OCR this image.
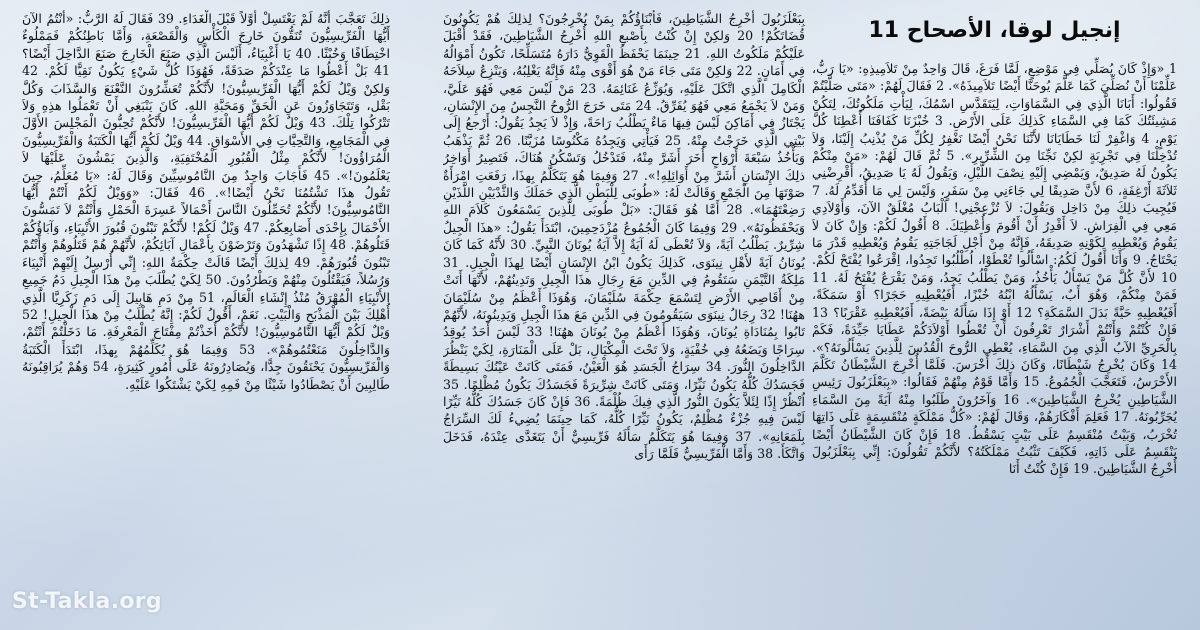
إنجيل لوقا، الأصحاح 11
1 «وَإِذْ كَانَ يُصَلِّي فِي مَوْضِعٍ، لَمَّا فَرَغَ، قَالَ وَاحِدٌ مِنْ تَلاَمِيذِهِ: «يَا رَبُّ، عَلِّمْنَا أَنْ نُصَلِّيَ كَمَا عَلَّمَ يُوحَنَّا أَيْضًا تَلاَمِيذَهُ». 2 فَقَالَ لَهُمْ: «مَتَى صَلَّيْتُمْ فَقُولُوا: أَبَانَا الَّذِي فِي السَّمَاوَاتِ، لِيَتَقَدَّسِ اسْمُكَ، لِيَأْتِ مَلَكُوتُكَ، لِتَكُنْ مَشِيئَتُكَ كَمَا فِي السَّمَاءِ كَذلِكَ عَلَى الأَرْضِ. 3 خُبْزَنَا كَفَافَنَا أَعْطِنَا كُلَّ يَوْمٍ، 4 وَاغْفِرْ لَنَا خَطَايَانَا لأَنَّنَا نَحْنُ أَيْضًا نَغْفِرُ لِكُلِّ مَنْ يُذْنِبُ إِلَيْنَا، وَلاَ تُدْخِلْنَا فِي تَجْرِبَةٍ لكِنْ نَجِّنَا مِنَ الشِّرِّيرِ». 5 ثُمَّ قَالَ لَهُمْ: «مَنْ مِنْكُمْ يَكُونُ لَهُ صَدِيقٌ، وَيَمْضِي إِلَيْهِ نِصْفَ اللَّيْلِ، وَيَقُولُ لَهُ يَا صَدِيقُ، أَقْرِضْنِي ثَلاَثَةَ أَرْغِفَةٍ، 6 لأَنَّ صَدِيقًا لِي جَاءَنِي مِنْ سَفَرٍ، وَلَيْسَ لِي مَا أُقَدِّمُ لَهُ. 7 فَيُجِيبَ ذلِكَ مِنْ دَاخِل وَيَقُولَ: لاَ تُزْعِجْنِي! اَلْبَابُ مُغْلَقٌ الآنَ، وَأَوْلاَدِي مَعِي فِي الْفِرَاشِ. لاَ أَقْدِرُ أَنْ أَقُومَ وَأُعْطِيَكَ. 8 أَقُولُ لَكُمْ: وَإِنْ كَانَ لاَ يَقُومُ وَيُعْطِيهِ لِكَوْنِهِ صَدِيقَهُ، فَإِنَّهُ مِنْ أَجْلِ لَجَاجَتِهِ يَقُومُ وَيُعْطِيهِ قَدْرَ مَا يَحْتَاجُ. 9 وَأَنَا أَقُولُ لَكُمُ: اسْأَلُوا تُعْطَوْا، اُطْلُبُوا تَجِدُوا، اِقْرَعُوا يُفْتَحْ لَكُمْ. 10 لأَنَّ كُلَّ مَنْ يَسْأَلُ يَأْخُذُ، وَمَنْ يَطْلُبُ يَجِدُ، وَمَنْ يَقْرَعُ يُفْتَحُ لَهُ. 11 فَمَنْ مِنْكُمْ، وَهُوَ أَبٌ، يَسْأَلُهُ ابْنُهُ خُبْزًا، أَفَيُعْطِيهِ حَجَرًا؟ أَوْ سَمَكَةً، أَفَيُعْطِيهِ حَيَّةً بَدَلَ السَّمَكَةِ؟ 12 أَوْ إِذَا سَأَلَهُ بَيْضَةً، أَفَيُعْطِيهِ عَقْرَبًا؟ 13 فَإِنْ كُنْتُمْ وَأَنْتُمْ أَشْرَارٌ تَعْرِفُونَ أَنْ تُعْطُوا أَوْلاَدَكُمْ عَطَايَا جَيِّدَةً، فَكَمْ بِالْحَرِيِّ الآبُ الَّذِي مِنَ السَّمَاءِ، يُعْطِي الرُّوحَ الْقُدُسَ لِلَّذِينَ يَسْأَلُونَهُ؟». 14 وَكَانَ يُخْرِجُ شَيْطَانًا، وَكَانَ ذلِكَ أَخْرَسَ. فَلَمَّا أُخْرِجَ الشَّيْطَانُ تَكَلَّمَ الأَخْرَسُ، فَتَعَجَّبَ الْجُمُوعُ. 15 وَأَمَّا قَوْمٌ مِنْهُمْ فَقَالُوا: «بِبَعْلَزَبُولَ رَئِيسِ الشَّيَاطِينِ يُخْرِجُ الشَّيَاطِينَ». 16 وَآخَرُونَ طَلَبُوا مِنْهُ آيَةً مِنَ السَّمَاءِ يُجَرِّبُونَهُ. 17 فَعَلِمَ أَفْكَارَهُمْ، وَقَالَ لَهُمْ: «كُلُّ مَمْلَكَةٍ مُنْقَسِمَةٍ عَلَى ذَاتِهَا تُخْرَبُ، وَبَيْتٌ مُنْقَسِمٌ عَلَى بَيْتٍ يَسْقُطُ. 18 فَإِنْ كَانَ الشَّيْطَانُ أَيْضًا يَنْقَسِمُ عَلَى ذَاتِهِ، فَكَيْفَ تَثْبُتُ مَمْلَكَتُهُ؟ لأَنَّكُمْ تَقُولُونَ: إِنِّي بِبَعْلَزَبُولَ أُخْرِجُ الشَّيَاطِينَ. 19 فَإِنْ كُنْتُ أَنَا
بِبَعْلَزَبُولَ أُخْرِجُ الشَّيَاطِينَ، فَأَبْنَاؤُكُمْ بِمَنْ يُخْرِجُونَ؟ لِذلِكَ هُمْ يَكُونُونَ قُضَاتَكُمْ! 20 وَلكِنْ إِنْ كُنْتُ بِأَصْبعِ اللهِ أُخْرِجُ الشَّيَاطِينَ، فَقَدْ أَقْبَلَ عَلَيْكُمْ مَلَكُوتُ اللهِ. 21 حِينَمَا يَحْفَظُ الْقَوِيُّ دَارَهُ مُتَسَلِّحًا، تَكُونُ أَمْوَالُهُ فِي أَمَانٍ. 22 وَلكِنْ مَتَى جَاءَ مَنْ هُوَ أَقْوَى مِنْهُ فَإِنَّهُ يَغْلِبُهُ، وَيَنْزِعُ سِلاَحَهُ الْكَامِلَ الَّذِي اتَّكَلَ عَلَيْهِ، وَيُوَزِّعُ غَنَائِمَهُ. 23 مَنْ لَيْسَ مَعِي فَهُوَ عَلَيَّ، وَمَنْ لاَ يَجْمَعُ مَعِي فَهُوَ يُفَرِّقُ. 24 مَتَى خَرَجَ الرُّوحُ النَّجِسُ مِنَ الإِنْسَانِ، يَجْتَازُ فِي أَمَاكِنَ لَيْسَ فِيهَا مَاءٌ يَطْلُبُ رَاحَةً، وَإِذْ لاَ يَجِدُ يَقُولُ: أَرْجعُ إِلَى بَيْتِي الَّذِي خَرَجْتُ مِنْهُ. 25 فَيَأْتِي وَيَجِدُهُ مَكْنُوسًا مُزَيَّنًا. 26 ثُمَّ يَذْهَبُ وَيَأْخُذُ سَبْعَةَ أَرْوَاحٍ أُخَرَ أَشَرَّ مِنْهُ، فَتَدْخُلُ وَتَسْكُنُ هُنَاكَ، فَتَصِيرُ أَوَاخِرُ ذلِكَ الإِنْسَانِ أَشَرَّ مِنْ أَوَائِلِهِ!». 27 وَفِيمَا هُوَ يَتَكَلَّمُ بِهذَا، رَفَعَتِ امْرَأَةٌ صَوْتَهَا مِنَ الْجَمْعِ وَقَالَتْ لَهُ: «طُوبَى لِلْبَطْنِ الَّذِي حَمَلَكَ وَالثَّدْيَيْنِ اللَّذَيْنِ رَضِعْتَهُمَا». 28 أَمَّا هُوَ فَقَالَ: «بَلْ طُوبَى لِلَّذِينَ يَسْمَعُونَ كَلاَمَ اللهِ وَيَحْفَظُونَهُ». 29 وَفِيمَا كَانَ الْجُمُوعُ مُزْدَحِمِينَ، ابْتَدَأَ يَقُولُ: «هذَا الْجِيلُ شِرِّيرٌ. يَطْلُبُ آيَةً، وَلاَ تُعْطَى لَهُ آيَةٌ إِلاَّ آيَةُ يُونَانَ النَّبِيِّ. 30 لأَنَّهُ كَمَا كَانَ يُونَانُ آيَةً لأَهْلِ نِينَوَى، كَذلِكَ يَكُونُ ابْنُ الإِنْسَانِ أَيْضًا لِهذَا الْجِيلِ. 31 مَلِكَةُ التَّيْمَنِ سَتَقُومُ فِي الدِّينِ مَعَ رِجَالِ هذَا الْجِيلِ وَتَدِينُهُمْ، لأَنَّهَا أَتَتْ مِنْ أَقَاصِي الأَرْضِ لِتَسْمَعَ حِكْمَةَ سُلَيْمَانَ، وَهُوَذَا أَعْظَمُ مِنْ سُلَيْمَانَ ههُنَا! 32 رِجَالُ نِينَوَى سَيَقُومُونَ فِي الدِّينِ مَعَ هذَا الْجِيلِ وَيَدِينُونَهُ، لأَنَّهُمْ تَابُوا بِمُنَادَاةِ يُونَانَ، وَهُوَذَا أَعْظَمُ مِنْ يُونَانَ ههُنَا! 33 لَيْسَ أَحَدٌ يُوقِدُ سِرَاجًا وَيَضَعُهُ فِي خُفْيَةٍ، وَلاَ تَحْتَ الْمِكْيَالِ، بَلْ عَلَى الْمَنَارَةِ، لِكَيْ يَنْظُرَ الدَّاخِلُونَ النُّورَ. 34 سِرَاجُ الْجَسَدِ هُوَ الْعَيْنُ، فَمَتَى كَانَتْ عَيْنُكَ بَسِيطَةً فَجَسَدُكَ كُلُّهُ يَكُونُ نَيِّرًا، وَمَتَى كَانَتْ شِرِّيرَةً فَجَسَدُكَ يَكُونُ مُظْلِمًا. 35 اُنْظُرْ إِذًا لِئَلاَّ يَكُونَ النُّورُ الَّذِي فِيكَ ظُلْمَةً. 36 فَإِنْ كَانَ جَسَدُكَ كُلُّهُ نَيِّرًا لَيْسَ فِيهِ جُزْءٌ مُظْلِمٌ، يَكُونُ نَيِّرًا كُلُّهُ، كَمَا حِينَمَا يُضِيءُ لَكَ السِّرَاجُ بِلَمَعَانِهِ». 37 وَفِيمَا هُوَ يَتَكَلَّمُ سَأَلَهُ فَرِّيسِيٌّ أَنْ يَتَغَدَّى عِنْدَهُ، فَدَخَلَ وَاتَّكَأَ. 38 وَأَمَّا الْفَرِّيسِيُّ فَلَمَّا رَأَى
ذلِكَ تَعَجَّبَ أَنَّهُ لَمْ يَغْتَسِلْ أَوَّلاً قَبْلَ الْغَدَاءِ. 39 فَقَالَ لَهُ الرَّبُّ: «أَنْتُمُ الآنَ أَيُّهَا الْفَرِّيسِيُّونَ تُنَقُّونَ خَارِجَ الْكَأْسِ وَالْقَصْعَةِ، وَأَمَّا بَاطِنُكُمْ فَمَمْلُوءٌ اخْتِطَافًا وَخُبْثًا. 40 يَا أَغْبِيَاءُ، أَلَيْسَ الَّذِي صَنَعَ الْخَارِجَ صَنَعَ الدَّاخِلَ أَيْضًا؟ 41 بَلْ أَعْطُوا مَا عِنْدَكُمْ صَدَقَةً، فَهُوَذَا كُلُّ شَيْءٍ يَكُونُ نَقِيًّا لَكُمْ. 42 وَلكِنْ وَيْلٌ لَكُمْ أَيُّهَا الْفَرِّيسِيُّونَ! لأَنَّكُمْ تُعَشِّرُونَ النَّعْنَعَ وَالسَّذَابَ وَكُلَّ بَقْل، وَتَتَجَاوَزُونَ عَنِ الْحَقِّ وَمَحَبَّةِ اللهِ. كَانَ يَنْبَغِي أَنْ تَعْمَلُوا هذِهِ وَلاَ تَتْرُكُوا تِلْكَ. 43 وَيْلٌ لَكُمْ أَيُّهَا الْفَرِّيسِيُّونَ! لأَنَّكُمْ تُحِبُّونَ الْمَجْلِسَ الأَوَّلَ فِي الْمَجَامِعِ، وَالتَّحِيَّاتِ فِي الأَسْوَاقِ. 44 وَيْلٌ لَكُمْ أَيُّهَا الْكَتَبَةُ وَالْفَرِّيسِيُّونَ الْمُرَاؤُونَ! لأَنَّكُمْ مِثْلُ الْقُبُورِ الْمُخْتَفِيَةِ، وَالَّذِينَ يَمْشُونَ عَلَيْهَا لاَ يَعْلَمُونَ!». 45 فَأَجَابَ وَاحِدٌ مِنَ النَّامُوسِيِّينَ وَقَالَ لَهُ: «يَا مُعَلِّمُ، حِينَ تَقُولُ هذَا تَشْتُمُنَا نَحْنُ أَيْضًا!». 46 فَقَالَ: «وَوَيْلٌ لَكُمْ أَنْتُمْ أَيُّهَا النَّامُوسِيُّونَ! لأَنَّكُمْ تُحَمِّلُونَ النَّاسَ أَحْمَالاً عَسِرَةَ الْحَمْلِ وَأَنْتُمْ لاَ تَمَسُّونَ الأَحْمَالَ بِإِحْدَى أَصَابِعِكُمْ. 47 وَيْلٌ لَكُمْ! لأَنَّكُمْ تَبْنُونَ قُبُورَ الأَنْبِيَاءِ، وَآبَاؤُكُمْ قَتَلُوهُمْ. 48 إِذًا تَشْهَدُونَ وَتَرْضَوْنَ بِأَعْمَالِ آبَائِكُمْ، لأَنَّهُمْ هُمْ قَتَلُوهُمْ وَأَنْتُمْ تَبْنُونَ قُبُورَهُمْ. 49 لِذلِكَ أَيْضًا قَالَتْ حِكْمَةُ اللهِ: إِنِّي أُرْسِلُ إِلَيْهِمْ أَنْبِيَاءَ وَرُسُلاً، فَيَقْتُلُونَ مِنْهُمْ وَيَطْرُدُونَ. 50 لِكَيْ يُطْلَبَ مِنْ هذَا الْجِيلِ دَمُ جَمِيعِ الأَنْبِيَاءِ الْمُهْرَقُ مُنْذُ إِنْشَاءِ الْعَالَمِ، 51 مِنْ دَمِ هَابِيلَ إِلَى دَمِ زَكَرِيَّا الَّذِي أُهْلِكَ بَيْنَ الْمَذْبَحِ وَالْبَيْتِ. نَعَمْ، أَقُولُ لَكُمْ: إِنَّهُ يُطْلَبُ مِنْ هذَا الْجِيلِ! 52 وَيْلٌ لَكُمْ أَيُّهَا النَّامُوسِيُّونَ! لأَنَّكُمْ أَخَذْتُمْ مِفْتَاحَ الْمَعْرِفَةِ. مَا دَخَلْتُمْ أَنْتُمْ، وَالدَّاخِلُونَ مَنَعْتُمُوهُمْ». 53 وَفِيمَا هُوَ يُكَلِّمُهُمْ بِهذَا، ابْتَدَأَ الْكَتَبَةُ وَالْفَرِّيسِيُّونَ يَحْنَقُونَ جِدًّا، وَيُصَادِرُونَهُ عَلَى أُمُورٍ كَثِيرَةٍ، 54 وَهُمْ يُرَاقِبُونَهُ طَالِبِينَ أَنْ يَصْطَادُوا شَيْئًا مِنْ فَمِهِ لِكَيْ يَشْتَكُوا عَلَيْهِ.
St-Takla.org
